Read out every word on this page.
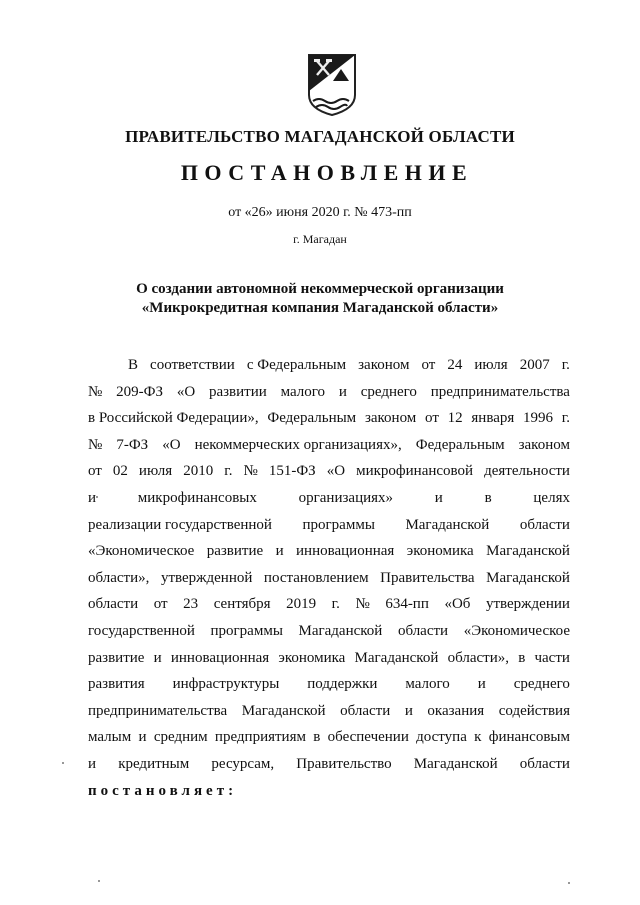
ПРАВИТЕЛЬСТВО МАГАДАНСКОЙ ОБЛАСТИ
ПОСТАНОВЛЕНИЕ
от «26» июня 2020 г. № 473-пп
г. Магадан
О создании автономной некоммерческой организации
«Микрокредитная компания Магаданской области»
В соответствии с Федеральным законом от 24 июля 2007 г.
№ 209-ФЗ «О развитии малого и среднего предпринимательства
в Российской Федерации», Федеральным законом от 12 января 1996 г.
№ 7-ФЗ «О некоммерческих организациях», Федеральным законом
от 02 июля 2010 г. № 151-ФЗ «О микрофинансовой деятельности
и	микрофинансовых	организациях»	и	в	целях
реализации государственной программы Магаданской области
«Экономическое развитие и инновационная экономика Магаданской
области», утвержденной постановлением Правительства Магаданской
области от 23 сентября 2019 г. № 634-пп «Об утверждении
государственной программы Магаданской области «Экономическое
развитие и инновационная экономика Магаданской области», в части
развития инфраструктуры поддержки малого и среднего
предпринимательства Магаданской области и оказания содействия
малым и средним предприятиям в обеспечении доступа к финансовым
и кредитным ресурсам, Правительство Магаданской области
постановляет :
